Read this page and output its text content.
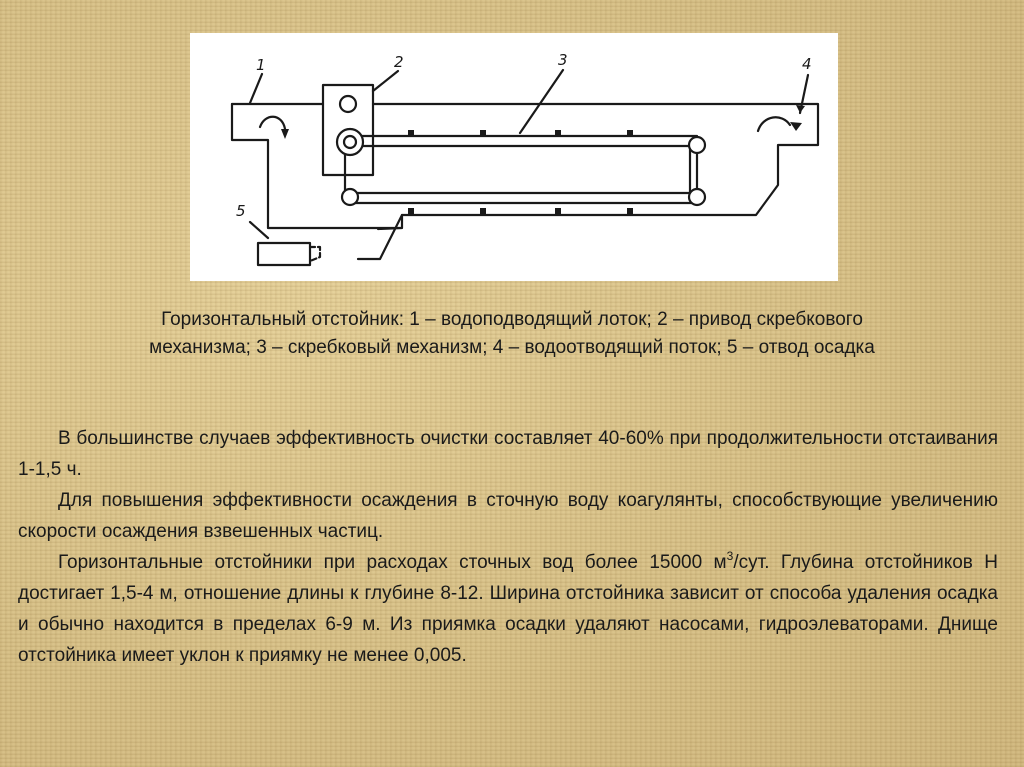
1	2	3	4
5
Горизонтальный отстойник: 1 – водоподводящий лоток; 2 – привод скребкового
механизма; 3 – скребковый механизм; 4 – водоотводящий поток; 5 – отвод осадка

В большинстве случаев эффективность очистки составляет 40-60% при продолжительности отстаивания 1-1,5 ч.

Для повышения эффективности осаждения в сточную воду коагулянты, способствующие увеличению скорости осаждения взвешенных частиц.

Горизонтальные отстойники при расходах сточных вод более 15000 $м^3$/сут. Глубина отстойников Н достигает 1,5-4 м, отношение длины к глубине 8-12. Ширина отстойника зависит от способа удаления осадка и обычно находится в пределах 6-9 м. Из приямка осадки удаляют насосами, гидроэлеваторами. Днище отстойника имеет уклон к приямку не менее 0,005.
